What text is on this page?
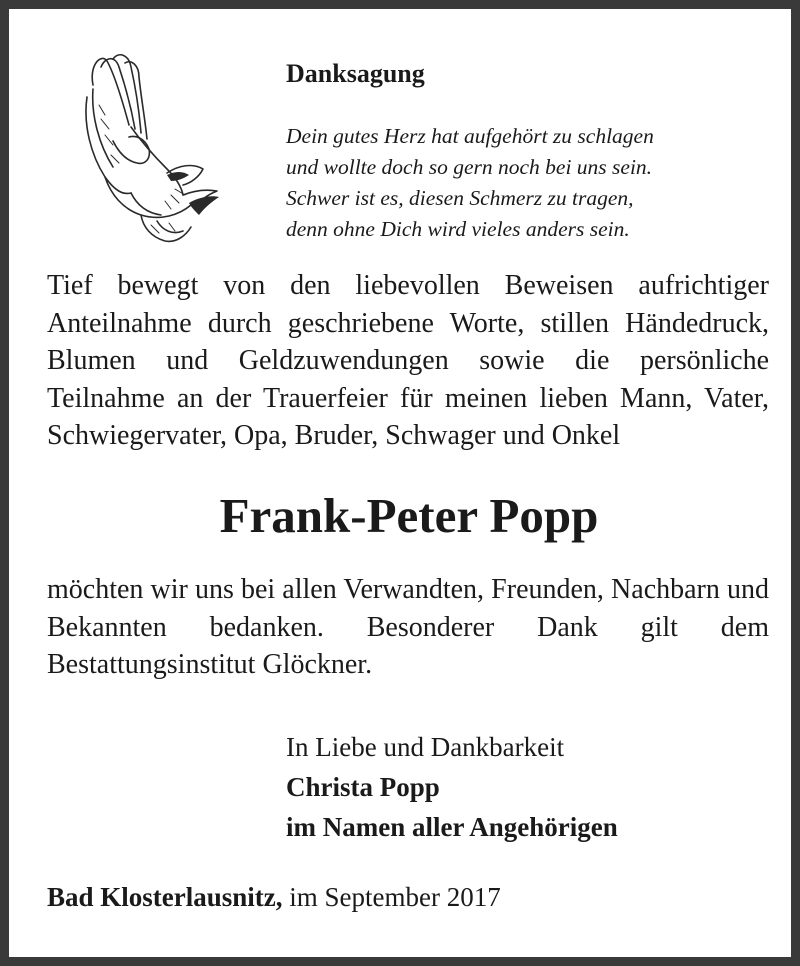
Danksagung
Dein gutes Herz hat aufgehört zu schlagen
und wollte doch so gern noch bei uns sein.
Schwer ist es, diesen Schmerz zu tragen,
denn ohne Dich wird vieles anders sein.

Tief bewegt von den liebevollen Beweisen aufrichtiger Anteilnahme durch geschriebene Worte, stillen Händedruck, Blumen und Geldzuwendungen sowie die persönliche Teilnahme an der Trauerfeier für meinen lieben Mann, Vater, Schwiegervater, Opa, Bruder, Schwager und Onkel

Frank-Peter Popp

möchten wir uns bei allen Verwandten, Freunden, Nachbarn und Bekannten bedanken. Besonderer Dank gilt dem Bestattungsinstitut Glöckner.

In Liebe und Dankbarkeit
Christa Popp
im Namen aller Angehörigen
Bad Klosterlausnitz, im September 2017
